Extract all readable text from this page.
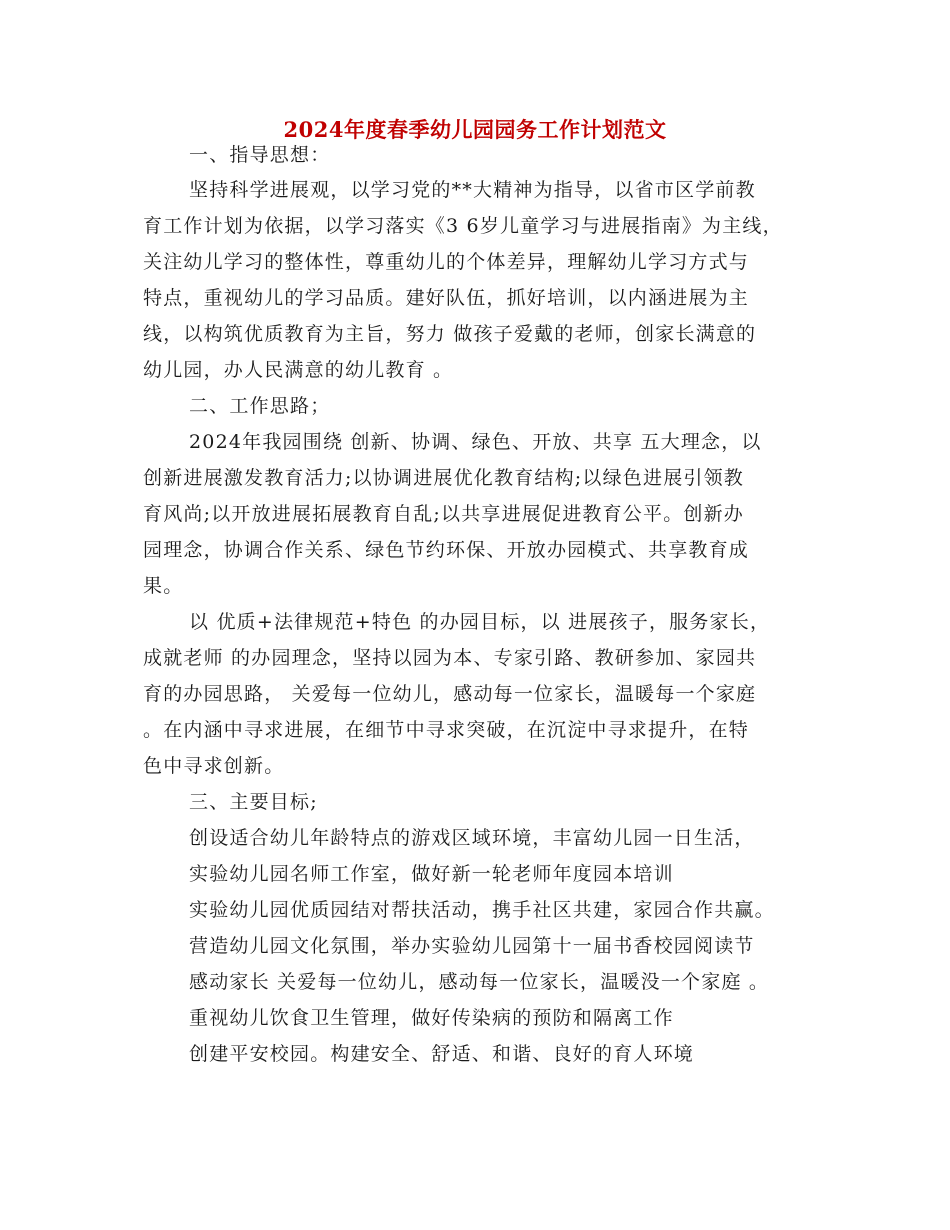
2024年度春季幼儿园园务工作计划范文
一、指导思想：
坚持科学进展观，以学习党的**大精神为指导，以省市区学前教
育工作计划为依据，以学习落实《3 6岁儿童学习与进展指南》为主线，
关注幼儿学习的整体性，尊重幼儿的个体差异，理解幼儿学习方式与
特点，重视幼儿的学习品质。建好队伍，抓好培训，以内涵进展为主
线，以构筑优质教育为主旨，努力 做孩子爱戴的老师，创家长满意的
幼儿园，办人民满意的幼儿教育 。
二、工作思路；
2024年我园围绕 创新、协调、绿色、开放、共享 五大理念，以
创新进展激发教育活力;以协调进展优化教育结构;以绿色进展引领教
育风尚;以开放进展拓展教育自乱;以共享进展促进教育公平。创新办
园理念，协调合作关系、绿色节约环保、开放办园模式、共享教育成
果。
以 优质+法律规范+特色 的办园目标，以 进展孩子，服务家长，
成就老师 的办园理念，坚持以园为本、专家引路、教研参加、家园共
育的办园思路， 关爱每一位幼儿，感动每一位家长，温暖每一个家庭
。在内涵中寻求进展，在细节中寻求突破，在沉淀中寻求提升，在特
色中寻求创新。
三、主要目标;
创设适合幼儿年龄特点的游戏区域环境，丰富幼儿园一日生活，
实验幼儿园名师工作室，做好新一轮老师年度园本培训
实验幼儿园优质园结对帮扶活动，携手社区共建，家园合作共赢。
营造幼儿园文化氛围，举办实验幼儿园第十一届书香校园阅读节
感动家长 关爱每一位幼儿，感动每一位家长，温暖没一个家庭 。
重视幼儿饮食卫生管理，做好传染病的预防和隔离工作
创建平安校园。构建安全、舒适、和谐、良好的育人环境
